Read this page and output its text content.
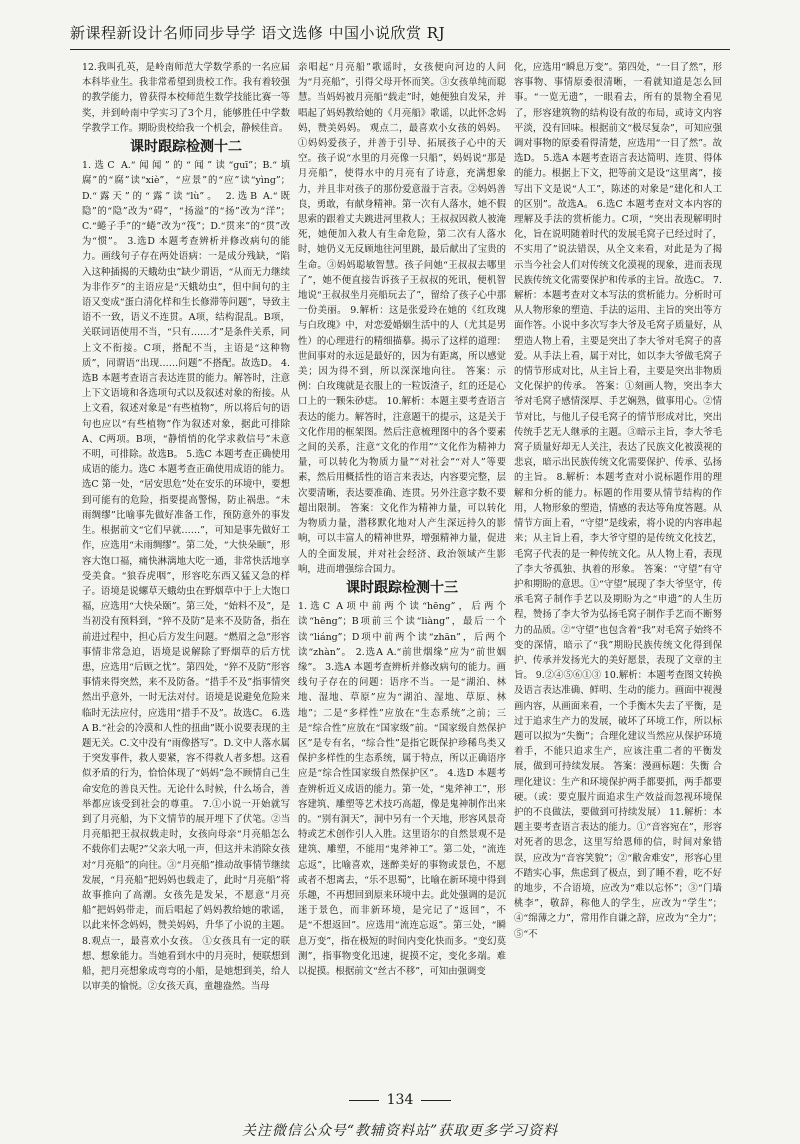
新课程新设计名师同步导学 语文选修 中国小说欣赏 RJ

12.我叫孔英，是岭南师范大学数学系的一名应届本科毕业生。我非常希望到贵校工作。我有着较强的教学能力，曾获得本校师范生数学技能比赛一等奖，并到岭南中学实习了3个月，能够胜任中学数学教学工作。期盼贵校给我一个机会，静候佳音。

课时跟踪检测十二

1.选C A.“闻闻”的“闻”读“guī”；B.“填腐”的“腐”读“xiè”，“应景”的“应”读“yìng”；D.“露天”的“露”读“lù”。 2.选B A.“既隐”的“隐”改为“碍”，“扬溢”的“扬”改为“洋”；C.“蜷子手”的“蜷”改为“筏”；D.“贯来”的“贯”改为“惯”。 3.选D 本题考查辨析并修改病句的能力。画线句子存在两处语病：一是成分残缺，“陷入这种插揭的天蛾幼虫”缺少谓语，“从而无力继续为非作歹”的主语应是“天蛾幼虫”，但中间句的主语又变成“蛋白清化样和生长修滞等问题”，导致主语不一致，语义不连贯。A项，结构混乱。B项，关联词语使用不当，“只有……才”是条件关系，同上文不衔接。C项，搭配不当，主语是“这种物质”，同谓语“出现……问题”不搭配。故选D。 4.选B 本题考查语言表达连贯的能力。解答时，注意上下文语境和各选项句式以及叙述对象的衔接。从上文看，叙述对象是“有些植物”，所以将后句的语句也应以“有些植物”作为叙述对象，据此可排除A、C两项。B项，“静悄悄的化学求救信号”未意不明，可排除。故选B。 5.选C 本题考查正确使用成语的能力。选C 本题考查正确使用成语的能力。选C 第一处，“居安思危”处在安乐的环境中，要想到可能有的危险，指要提高警惕，防止祸患。“未雨绸缪”比喻事先做好准备工作，预防意外的事发生。根据前文“它们早就……”，可知是事先做好工作，应选用“未雨绸缪”。第二处，“大快朵颐”，形容大饱口福，痛快淋漓地大吃一通，非常快活地享受美食。“狼吞虎咽”，形容吃东西又猛又急的样子。语境是说螺草天蛾幼虫在野烟草中于上大饱口福，应选用“大快朵颐”。第三处，“始料不及”，是当初没有预料到，“猝不及防”是来不及防备，指在前进过程中，担心后方发生问题。“燃眉之急”形容事情非常急迫，语境是说解除了野烟草的后方忧患，应选用“后顾之忧”。第四处，“猝不及防”形容事情来得突然，来不及防备。“措手不及”指事情突然出乎意外，一时无法对付。语境是说避免危险来临时无法应付，应选用“措手不及”。故选C。 6.选A B.“社会的冷漠和人性的扭曲”既小说要表现的主题无关。C.文中没有“雨像搭写”。D.文中人落水属于突发事件，救人要紧，容不得救人者多想。这看似矛盾的行为，恰恰体现了“妈妈”急不顾情自己生命安危的善良天性。无论什么时候，什么场合，善举都应该受到社会的尊重。 7.①小说一开始就写到了月亮船，为下文情节的展开埋下了伏笔。②当月亮船把王叔叔载走时，女孩向母亲“月亮船怎么不载你们去呢?”父亲大吼一声，但这并未消除女孩对“月亮船”的向往。③“月亮船”推动故事情节继续发展，“月亮船”把妈妈也载走了，此时“月亮船”将故事推向了高潮。女孩先是发呆，不愿意“月亮船”把妈妈带走，而后唱起了妈妈教给她的歌谣，以此来怀念妈妈，赞美妈妈，升华了小说的主题。 8.观点一，最喜欢小女孩。 ①女孩具有一定的联想、想象能力。当她看到水中的月亮时，便联想到船，把月亮想象成弯弯的小船，是她想到美，给人以审美的愉悦。②女孩天真，童趣盎然。当母

亲唱起“月亮船”歌谣时，女孩便向河边的人问为“月亮船”，引得父母开怀而笑。③女孩单纯而聪慧。当妈妈被月亮船“载走”时，她便独自发呆，并唱起了妈妈教给她的《月亮船》歌谣，以此怀念妈妈，赞美妈妈。 观点二，最喜欢小女孩的妈妈。 ①妈妈爱孩子，并善于引导、拓展孩子心中的天空。孩子说“水里的月亮像一只船”，妈妈说“那是月亮船”，使得水中的月亮有了诗意，充满想象力，并且非对孩子的那份爱意溢于言表。②妈妈善良，勇敢，有献身精神。第一次有人落水，她不假思索的跟着丈夫跳进河里救人；王叔叔因救人被淹死，她便加入救人有生命危险，第二次有人落水时，她仍义无反顾地往河里跳，最后献出了宝贵的生命。③妈妈聪敏智慧。孩子问她“王叔叔去哪里了”，她不便直接告诉孩子王叔叔的死讯，便机智地说“王叔叔坐月亮船玩去了”，留给了孩子心中那一份美丽。 9.解析：这是张爱玲在她的《红玫瑰与白玫瑰》中，对恋爱婚姻生活中的人（尤其是男性）的心理进行的精细描摹。揭示了这样的道理：世间事对的永远是最好的，因为有距离，所以感觉美；因为得不到，所以深深地向往。 答案：示例：白玫瑰就是衣服上的一粒饭渣子，红的还是心口上的一颗朱砂痣。 10.解析：本题主要考查语言表达的能力。解答时，注意题干的提示，这是关于文化作用的框架图。然后注意梳理图中的各个要素之间的关系，注意“文化的作用”“文化作为精神力量，可以转化为物质力量”“对社会”“对人”等要素，然后用概括性的语言来表达，内容要完整，层次要清晰，表达要准确、连贯。另外注意字数不要超出限制。 答案：文化作为精神力量，可以转化为物质力量，潜移默化地对人产生深远持久的影响，可以丰富人的精神世界，增强精神力量，促进人的全面发展，并对社会经济、政治领域产生影响，进而增强综合国力。

课时跟踪检测十三

1.选C A项中前两个读“hēng”，后两个读“hēng”；B项前三个读“liàng”，最后一个读“liáng”；D项中前两个读“zhān”，后两个读“zhàn”。 2.选A A.“前世烟缘”应为“前世姻缘”。 3.选A 本题考查辨析并修改病句的能力。画线句子存在的问题：语序不当。一是“湖泊、林地、湿地、草原”应为“湖泊、湿地、草原、林地”；二是“多样性”应放在“生态系统”之前；三是“综合性”应放在“国家级”前。“国家级自然保护区”是专有名，“综合性”是指它既保护珍稀鸟类又保护多样性的生态系统，属于特点，所以正确语序应是“综合性国家级自然保护区”。 4.选D 本题考查辨析近义成语的能力。第一处，“鬼斧神工”，形容建筑、雕塑等艺术技巧高超，像是鬼神制作出来的。“别有洞天”，洞中另有一个天地，形容风景奇特或艺术创作引人入胜。这里语尔的自然景观不是建筑、雕塑，不能用“鬼斧神工”。第二处，“流连忘返”，比喻喜欢，迷醉美好的事物或景色，不愿或者不想离去，“乐不思蜀”，比喻在新环境中得到乐趣，不再想回到原来环境中去。此处强调的是沉迷于景色，而非新环境，是完记了“返回”，不是“不想返回”。应选用“流连忘返”。第三处，“瞬息万变”，指在极短的时间内变化快而多。“变幻莫测”，指事物变化迅速，捉摸不定，变化多端。难以捉摸。根据前文“丝古不移”，可知由强调变

化，应选用“瞬息万变”。第四处，“一目了然”，形容事物、事情原委很清晰，一看就知道是怎么回事。“一览无遗”，一眼看去，所有的景物全看见了，形容建筑物的结构设有故的布局，或诗文内容平淡，没有回味。根据前文“极尽复杂”，可知应强调对事物的原委看得清楚，应选用“一目了然”。故选D。 5.选A 本题考查语言表达简明、连贯、得体的能力。根据上下文，把等前文是设“这里离”，接写出下文是说“人工”，陈述的对象是“建化和人工的区别”。故选A。 6.选C 本题考查对文本内容的理解及手法的赏析能力。C项，“突出表现解明时化，旨在说明随着时代的发展毛窝子已经过时了，不实用了”说法错误，从全文来看，对此是为了揭示当今社会人们对传统文化漠视的现象，进而表现民族传统文化需要保护和传承的主旨。故选C。 7.解析：本题考查对文本写法的赏析能力。分析时可从人物形象的塑造、手法的运用、主旨的突出等方面作答。小说中多次写李大爷及毛窝子质量好，从塑造人物上看，主要是突出了李大爷对毛窝子的喜爱。从手法上看，属于对比，如以李大爷做毛窝子的情节形成对比，从主旨上看，主要是突出非物质文化保护的传承。 答案：①刻画人物，突出李大爷对毛窝子感情深厚、手艺娴熟，做事用心。②情节对比，与他儿子侵毛窝子的情节形成对比，突出传统手艺无人继承的主题。③暗示主旨，李大爷毛窝子质量好却无人关注，表达了民族文化被漠视的悲哀，暗示出民族传统文化需要保护、传承、弘扬的主旨。 8.解析：本题考查对小说标题作用的理解和分析的能力。标题的作用要从情节结构的作用，人物形象的塑造，情感的表达等角度答题。从情节方面上看，“守望”是线索，将小说的内容串起来；从主旨上看，李大爷守望的是传统文化技艺，毛窝子代表的是一种传统文化。从人物上看，表现了李大爷孤独、执着的形象。 答案：“守望”有守护和期盼的意思。①“守望”展现了李大爷坚守，传承毛窝子制作手艺以及期盼为之“申遗”的人生历程，赞扬了李大爷为弘扬毛窝子制作手艺而不断努力的品质。②“守望”也包含着“我”对毛窝子始终不变的深情，暗示了“我”期盼民族传统文化得到保护、传承并发扬光大的美好愿景，表现了文章的主旨。 9.②④⑤⑥①③ 10.解析：本题考查图文转换及语言表达准确、鲜明、生动的能力。画面中视漫画内容，从画面来看，一个手衡木失去了平衡，是过于追求生产力的发展，破坏了环境工作，所以标题可以拟为“失衡”；合理化建议当然应从保护环境着手，不能只追求生产，应该注重二者的平衡发展，做到可持续发展。 答案：漫画标题：失衡 合理化建议：生产和环境保护两手都要抓，两手都要硬。（或：要克服片面追求生产效益而忽视环境保护的不良做法，要做到可持续发展） 11.解析：本题主要考查语言表达的能力。①“音容宛在”，形容对死者的思念，这里写给恩师的信，时间对象错误，应改为“音容笑貌”；②“敝舍难安”，形容心里不踏实心事，焦虑到了极点，到了睡不着，吃不好的地步，不合语境，应改为“难以忘怀”；③“门墙桃李”，敬辞，称他人的学生，应改为“学生”；④“绵薄之力”，常用作自谦之辞，应改为“全力”；⑤“不

134
关注微信公众号“教辅资料站”获取更多学习资料
